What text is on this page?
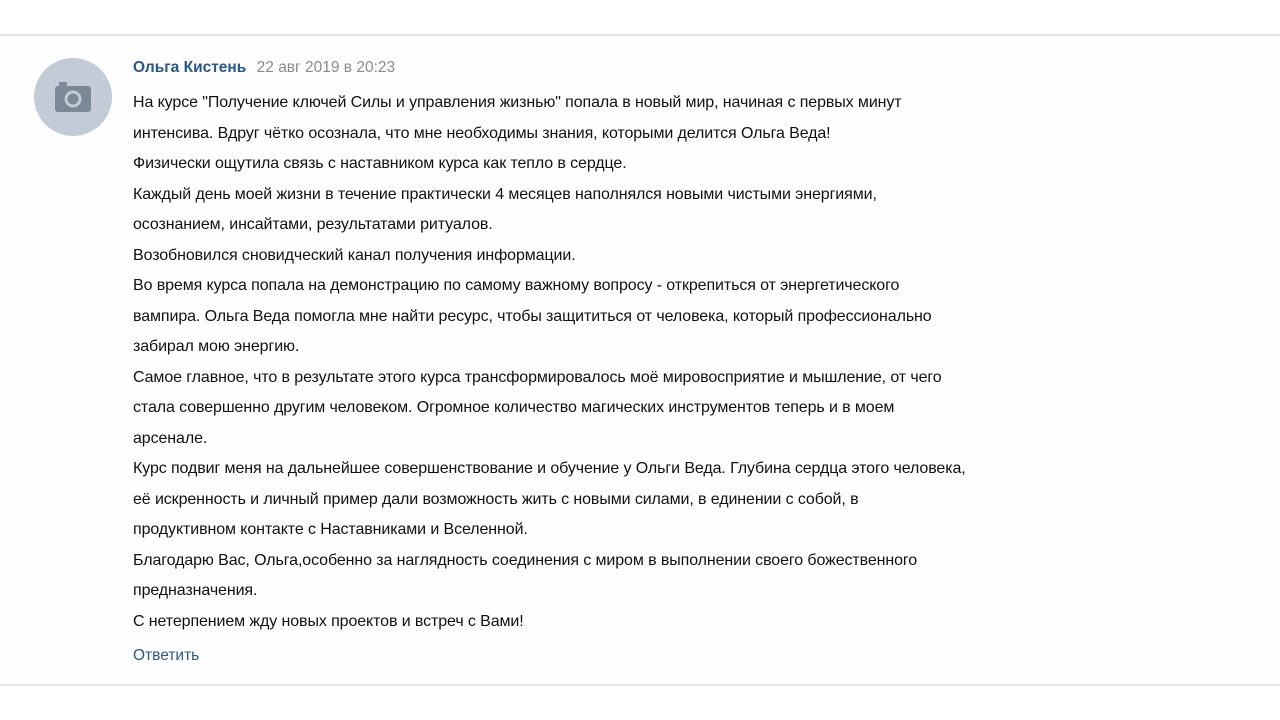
Ольга Кистень 22 авг 2019 в 20:23
На курсе "Получение ключей Силы и управления жизнью" попала в новый мир, начиная с первых минут
интенсива. Вдруг чётко осознала, что мне необходимы знания, которыми делится Ольга Веда!
Физически ощутила связь с наставником курса как тепло в сердце.
Каждый день моей жизни в течение практически 4 месяцев наполнялся новыми чистыми энергиями,
осознанием, инсайтами, результатами ритуалов.
Возобновился сновидческий канал получения информации.
Во время курса попала на демонстрацию по самому важному вопросу - открепиться от энергетического
вампира. Ольга Веда помогла мне найти ресурс, чтобы защититься от человека, который профессионально
забирал мою энергию.
Самое главное, что в результате этого курса трансформировалось моё мировосприятие и мышление, от чего
стала совершенно другим человеком. Огромное количество магических инструментов теперь и в моем
арсенале.
Курс подвиг меня на дальнейшее совершенствование и обучение у Ольги Веда. Глубина сердца этого человека,
её искренность и личный пример дали возможность жить с новыми силами, в единении с собой, в
продуктивном контакте с Наставниками и Вселенной.
Благодарю Вас, Ольга,особенно за наглядность соединения с миром в выполнении своего божественного
предназначения.
С нетерпением жду новых проектов и встреч с Вами!
Ответить
